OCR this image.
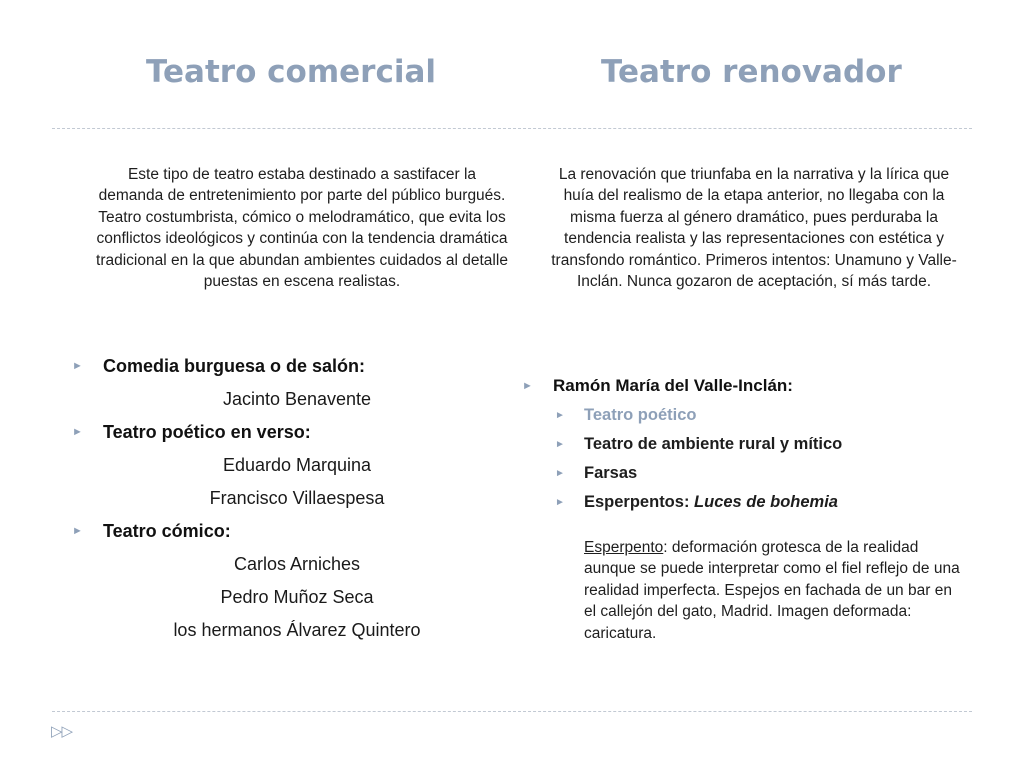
Teatro comercial	Teatro renovador

Este tipo de teatro estaba destinado a sastifacer la demanda de entretenimiento por parte del público burgués. Teatro costumbrista, cómico o melodramático, que evita los conflictos ideológicos y continúa con la tendencia dramática tradicional en la que abundan ambientes cuidados al detalle puestas en escena realistas.

La renovación que triunfaba en la narrativa y la lírica que huía del realismo de la etapa anterior, no llegaba con la misma fuerza al género dramático, pues perduraba la tendencia realista y las representaciones con estética y transfondo romántico. Primeros intentos: Unamuno y Valle-Inclán. Nunca gozaron de aceptación, sí más tarde.

► Comedia burguesa o de salón:
Jacinto Benavente
► Teatro poético en verso:
Eduardo Marquina
Francisco Villaespesa
► Teatro cómico:
Carlos Arniches
Pedro Muñoz Seca
los hermanos Álvarez Quintero
► Ramón María del Valle-Inclán:
► Teatro poético
► Teatro de ambiente rural y mítico
► Farsas
► Esperpentos: Luces de bohemia
Esperpento: deformación grotesca de la realidad aunque se puede interpretar como el fiel reflejo de una realidad imperfecta. Espejos en fachada de un bar en el callejón del gato, Madrid. Imagen deformada: caricatura.
▷▷
